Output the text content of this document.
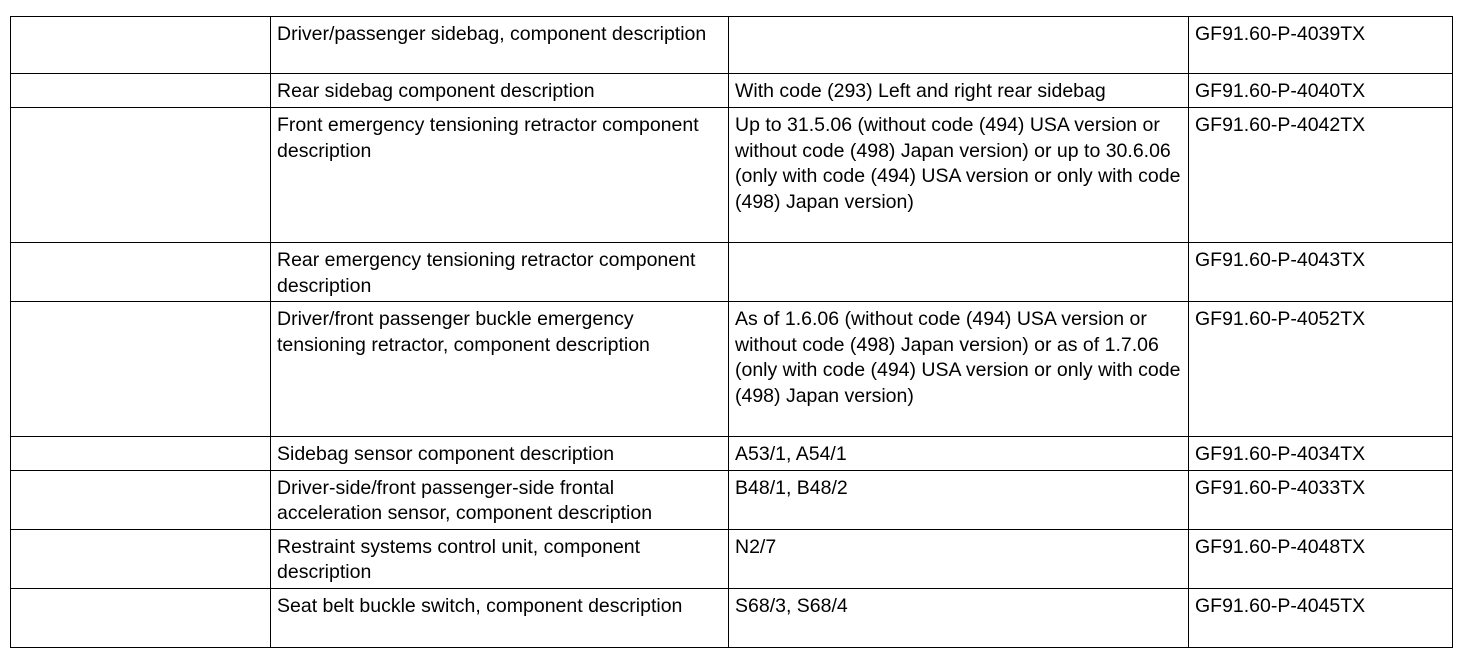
	Driver/passenger sidebag, component description		GF91.60-P-4039TX
	Rear sidebag component description	With code (293) Left and right rear sidebag	GF91.60-P-4040TX
	Front emergency tensioning retractor component description	Up to 31.5.06 (without code (494) USA version or without code (498) Japan version) or up to 30.6.06 (only with code (494) USA version or only with code (498) Japan version)	GF91.60-P-4042TX
	Rear emergency tensioning retractor component description		GF91.60-P-4043TX
	Driver/front passenger buckle emergency tensioning retractor, component description	As of 1.6.06 (without code (494) USA version or without code (498) Japan version) or as of 1.7.06 (only with code (494) USA version or only with code (498) Japan version)	GF91.60-P-4052TX
	Sidebag sensor component description	A53/1, A54/1	GF91.60-P-4034TX
	Driver-side/front passenger-side frontal acceleration sensor, component description	B48/1, B48/2	GF91.60-P-4033TX
	Restraint systems control unit, component description	N2/7	GF91.60-P-4048TX
	Seat belt buckle switch, component description	S68/3, S68/4	GF91.60-P-4045TX
